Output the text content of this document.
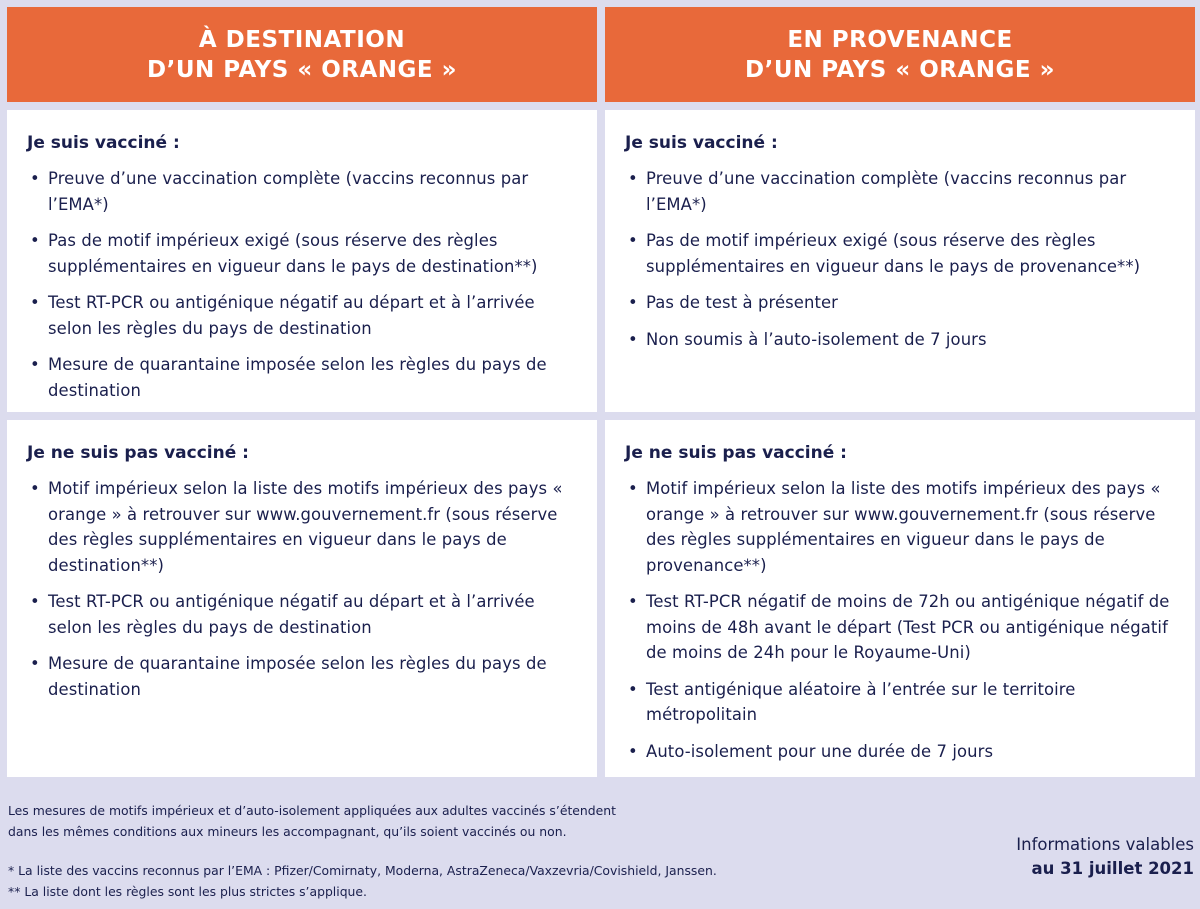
À DESTINATION
D’UN PAYS « ORANGE »
EN PROVENANCE
D’UN PAYS « ORANGE »
Je suis vacciné :
• Preuve d’une vaccination complète (vaccins reconnus par l’EMA*)
• Pas de motif impérieux exigé (sous réserve des règles supplémentaires en vigueur dans le pays de destination**)
• Test RT-PCR ou antigénique négatif au départ et à l’arrivée selon les règles du pays de destination
• Mesure de quarantaine imposée selon les règles du pays de destination
Je suis vacciné :
• Preuve d’une vaccination complète (vaccins reconnus par l’EMA*)
• Pas de motif impérieux exigé (sous réserve des règles supplémentaires en vigueur dans le pays de provenance**)
• Pas de test à présenter
• Non soumis à l’auto-isolement de 7 jours
Je ne suis pas vacciné :
• Motif impérieux selon la liste des motifs impérieux des pays « orange » à retrouver sur www.gouvernement.fr (sous réserve des règles supplémentaires en vigueur dans le pays de destination**)
• Test RT-PCR ou antigénique négatif au départ et à l’arrivée selon les règles du pays de destination
• Mesure de quarantaine imposée selon les règles du pays de destination
Je ne suis pas vacciné :
• Motif impérieux selon la liste des motifs impérieux des pays « orange » à retrouver sur www.gouvernement.fr (sous réserve des règles supplémentaires en vigueur dans le pays de provenance**)
• Test RT-PCR négatif de moins de 72h ou antigénique négatif de moins de 48h avant le départ (Test PCR ou antigénique négatif de moins de 24h pour le Royaume-Uni)
• Test antigénique aléatoire à l’entrée sur le territoire métropolitain
• Auto-isolement pour une durée de 7 jours

Les mesures de motifs impérieux et d’auto-isolement appliquées aux adultes vaccinés s’étendent

dans les mêmes conditions aux mineurs les accompagnant, qu’ils soient vaccinés ou non.

* La liste des vaccins reconnus par l’EMA : Pfizer/Comirnaty, Moderna, AstraZeneca/Vaxzevria/Covishield, Janssen.

** La liste dont les règles sont les plus strictes s’applique.

Informations valables
au 31 juillet 2021
